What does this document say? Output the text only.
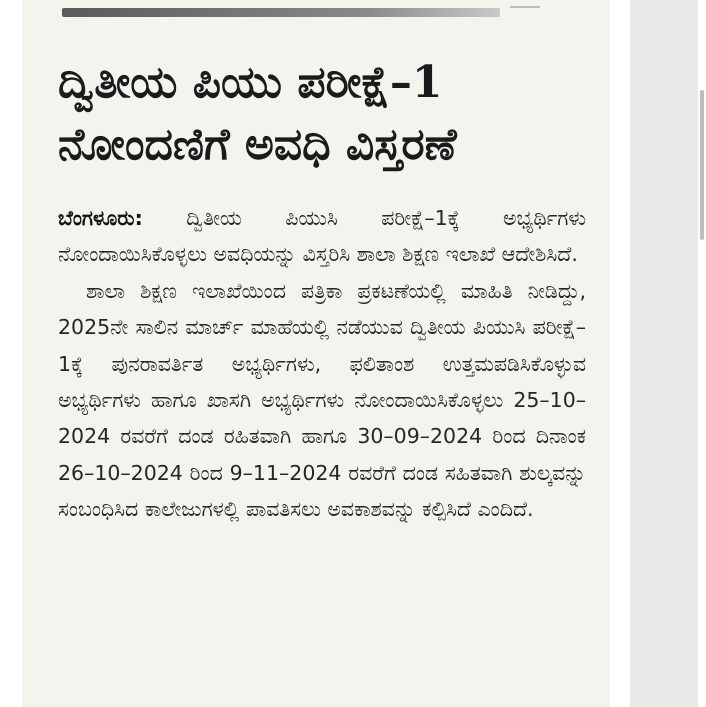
ದ್ವಿತೀಯ ಪಿಯು ಪರೀಕ್ಷೆ–1
ನೋಂದಣಿಗೆ ಅವಧಿ ವಿಸ್ತರಣೆ

ಬೆಂಗಳೂರು: ದ್ವಿತೀಯ ಪಿಯುಸಿ ಪರೀಕ್ಷೆ–1ಕ್ಕೆ ಅಭ್ಯರ್ಥಿಗಳು ನೋಂದಾಯಿಸಿಕೊಳ್ಳಲು ಅವಧಿಯನ್ನು ವಿಸ್ತರಿಸಿ ಶಾಲಾ ಶಿಕ್ಷಣ ಇಲಾಖೆ ಆದೇಶಿಸಿದೆ.

ಶಾಲಾ ಶಿಕ್ಷಣ ಇಲಾಖೆಯಿಂದ ಪತ್ರಿಕಾ ಪ್ರಕಟಣೆಯಲ್ಲಿ ಮಾಹಿತಿ ನೀಡಿದ್ದು, 2025ನೇ ಸಾಲಿನ ಮಾರ್ಚ್ ಮಾಹೆಯಲ್ಲಿ ನಡೆಯುವ ದ್ವಿತೀಯ ಪಿಯುಸಿ ಪರೀಕ್ಷೆ–1ಕ್ಕೆ ಪುನರಾವರ್ತಿತ ಅಭ್ಯರ್ಥಿಗಳು, ಫಲಿತಾಂಶ ಉತ್ತಮಪಡಿಸಿಕೊಳ್ಳುವ ಅಭ್ಯರ್ಥಿಗಳು ಹಾಗೂ ಖಾಸಗಿ ಅಭ್ಯರ್ಥಿಗಳು ನೋಂದಾಯಿಸಿಕೊಳ್ಳಲು 25–10–2024 ರವರೆಗೆ ದಂಡ ರಹಿತವಾಗಿ ಹಾಗೂ 30–09–2024 ರಿಂದ ದಿನಾಂಕ 26–10–2024 ರಿಂದ 9–11–2024 ರವರೆಗೆ ದಂಡ ಸಹಿತವಾಗಿ ಶುಲ್ಕವನ್ನು ಸಂಬಂಧಿಸಿದ ಕಾಲೇಜುಗಳಲ್ಲಿ ಪಾವತಿಸಲು ಅವಕಾಶವನ್ನು ಕಲ್ಪಿಸಿದೆ ಎಂದಿದೆ.
